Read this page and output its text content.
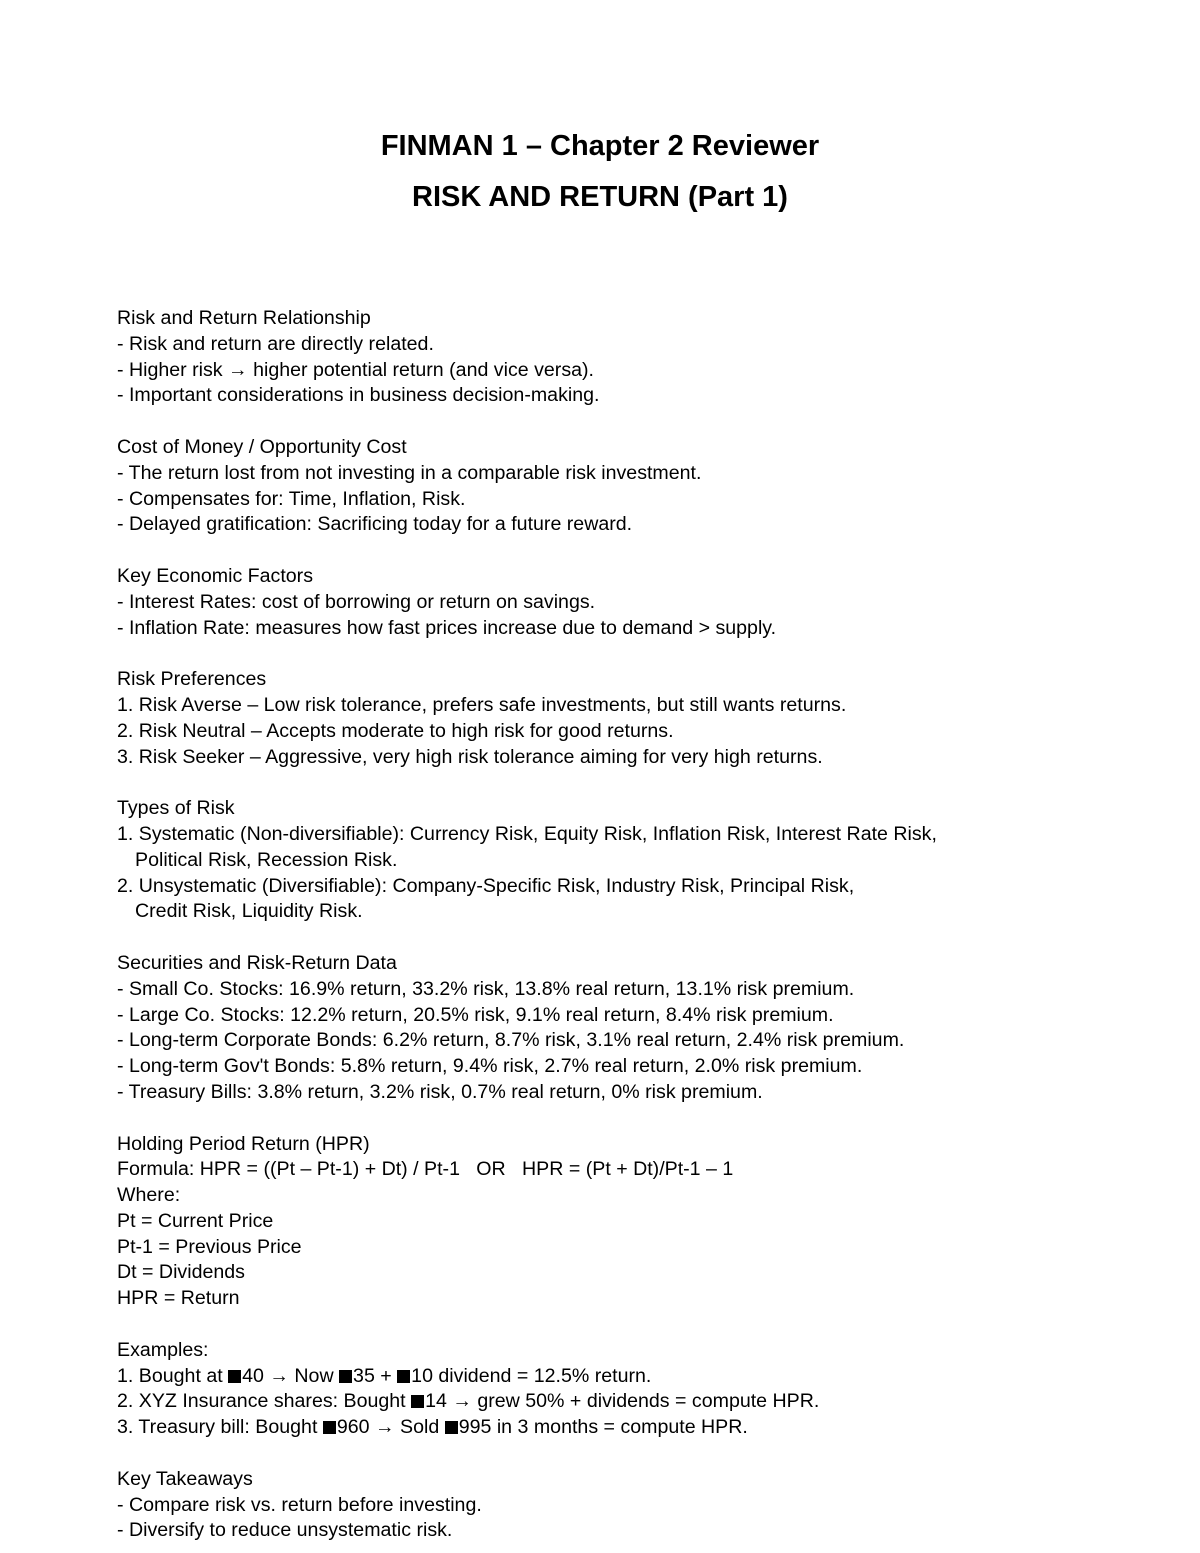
FINMAN 1 – Chapter 2 Reviewer
RISK AND RETURN (Part 1)
Risk and Return Relationship
- Risk and return are directly related.
- Higher risk → higher potential return (and vice versa).
- Important considerations in business decision-making.
Cost of Money / Opportunity Cost
- The return lost from not investing in a comparable risk investment.
- Compensates for: Time, Inflation, Risk.
- Delayed gratification: Sacrificing today for a future reward.
Key Economic Factors
- Interest Rates: cost of borrowing or return on savings.
- Inflation Rate: measures how fast prices increase due to demand > supply.
Risk Preferences
1. Risk Averse – Low risk tolerance, prefers safe investments, but still wants returns.
2. Risk Neutral – Accepts moderate to high risk for good returns.
3. Risk Seeker – Aggressive, very high risk tolerance aiming for very high returns.
Types of Risk
1. Systematic (Non-diversifiable): Currency Risk, Equity Risk, Inflation Risk, Interest Rate Risk,
Political Risk, Recession Risk.
2. Unsystematic (Diversifiable): Company-Specific Risk, Industry Risk, Principal Risk,
Credit Risk, Liquidity Risk.
Securities and Risk-Return Data
- Small Co. Stocks: 16.9% return, 33.2% risk, 13.8% real return, 13.1% risk premium.
- Large Co. Stocks: 12.2% return, 20.5% risk, 9.1% real return, 8.4% risk premium.
- Long-term Corporate Bonds: 6.2% return, 8.7% risk, 3.1% real return, 2.4% risk premium.
- Long-term Gov't Bonds: 5.8% return, 9.4% risk, 2.7% real return, 2.0% risk premium.
- Treasury Bills: 3.8% return, 3.2% risk, 0.7% real return, 0% risk premium.
Holding Period Return (HPR)
Formula: HPR = ((Pt – Pt-1) + Dt) / Pt-1   OR   HPR = (Pt + Dt)/Pt-1 – 1
Where:
Pt = Current Price
Pt-1 = Previous Price
Dt = Dividends
HPR = Return
Examples:
1. Bought at 40 → Now 35 + 10 dividend = 12.5% return.
2. XYZ Insurance shares: Bought 14 → grew 50% + dividends = compute HPR.
3. Treasury bill: Bought 960 → Sold 995 in 3 months = compute HPR.
Key Takeaways
- Compare risk vs. return before investing.
- Diversify to reduce unsystematic risk.
